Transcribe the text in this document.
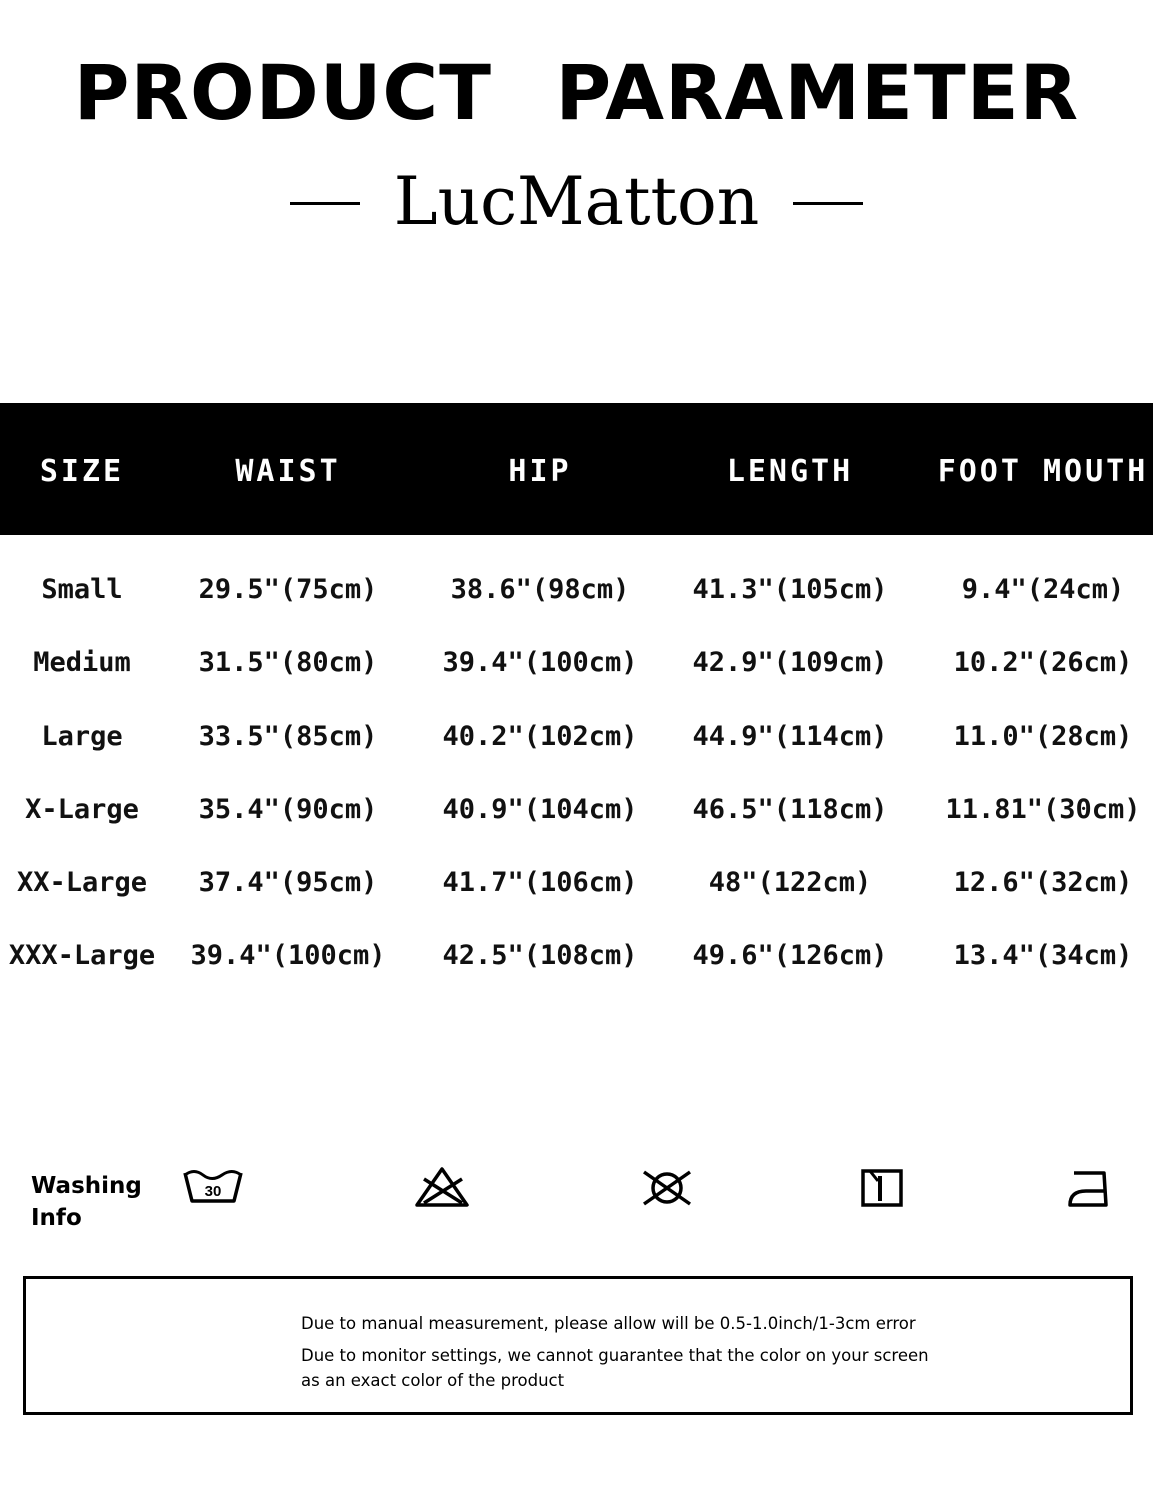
PRODUCT PARAMETER
LucMatton
SIZE	WAIST	HIP	LENGTH	FOOT MOUTH
Small	29.5"(75cm)	38.6"(98cm)	41.3"(105cm)	9.4"(24cm)
Medium	31.5"(80cm)	39.4"(100cm)	42.9"(109cm)	10.2"(26cm)
Large	33.5"(85cm)	40.2"(102cm)	44.9"(114cm)	11.0"(28cm)
X-Large	35.4"(90cm)	40.9"(104cm)	46.5"(118cm)	11.81"(30cm)
XX-Large	37.4"(95cm)	41.7"(106cm)	48"(122cm)	12.6"(32cm)
XXX-Large	39.4"(100cm)	42.5"(108cm)	49.6"(126cm)	13.4"(34cm)
Washing
Info
30
Due to manual measurement, please allow will be 0.5-1.0inch/1-3cm error
Due to monitor settings, we cannot guarantee that the color on your screen
as an exact color of the product
